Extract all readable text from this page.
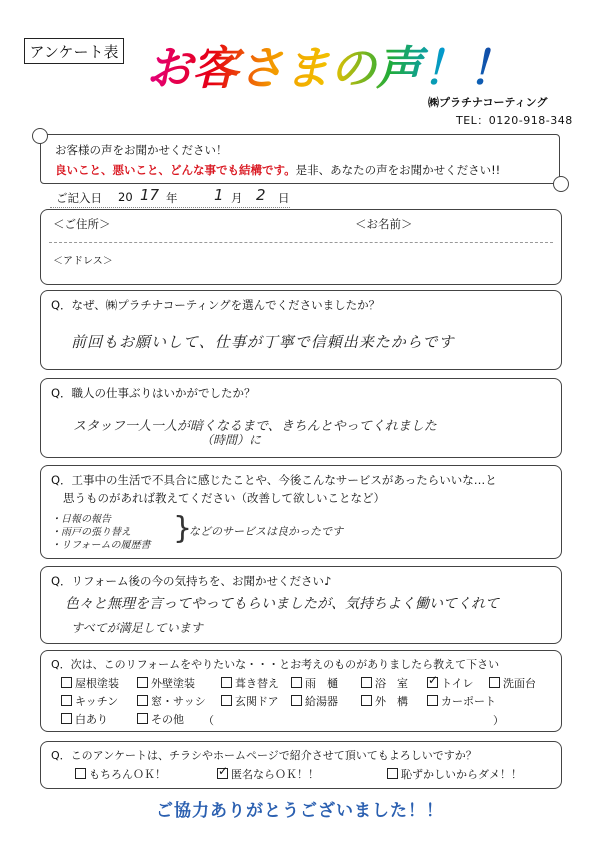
アンケート表 お客さまの声！！
㈱プラチナコーティング
TEL：0120-918-348
お客様の声をお聞かせください！
良いこと、悪いこと、どんな事でも結構です。是非、あなたの声をお聞かせください!!
ご記入日 20 17 年 1 月 2 日
＜ご住所＞	＜お名前＞
＜アドレス＞
Q．なぜ、㈱プラチナコーティングを選んでくださいましたか？
前回もお願いして、仕事が丁寧で信頼出来たからです
Q．職人の仕事ぶりはいかがでしたか？
スタッフ一人一人が暗くなるまで、きちんとやってくれました
（時間）に
Q．工事中の生活で不具合に感じたことや、今後こんなサービスがあったらいいな…と
思うものがあれば教えてください（改善して欲しいことなど）
・日報の報告
・雨戸の張り替え
・リフォームの履歴書 }
などのサービスは良かったです
Q．リフォーム後の今の気持ちを、お聞かせください♪
色々と無理を言ってやってもらいましたが、気持ちよく働いてくれて
すべてが満足しています
Q．次は、このリフォームをやりたいな・・・とお考えのものがありましたら教えて下さい
屋根塗装	外壁塗装	葺き替え	雨　樋	浴　室 ✓	トイレ	洗面台
キッチン	窓・サッシ	玄関ドア	給湯器	外　構	カーポート
白あり	その他 （	）
Q．このアンケートは、チラシやホームページで紹介させて頂いてもよろしいですか？
もちろんＯＫ！ ✓	匿名ならＯＫ！！	恥ずかしいからダメ！！
ご協力ありがとうございました！！
